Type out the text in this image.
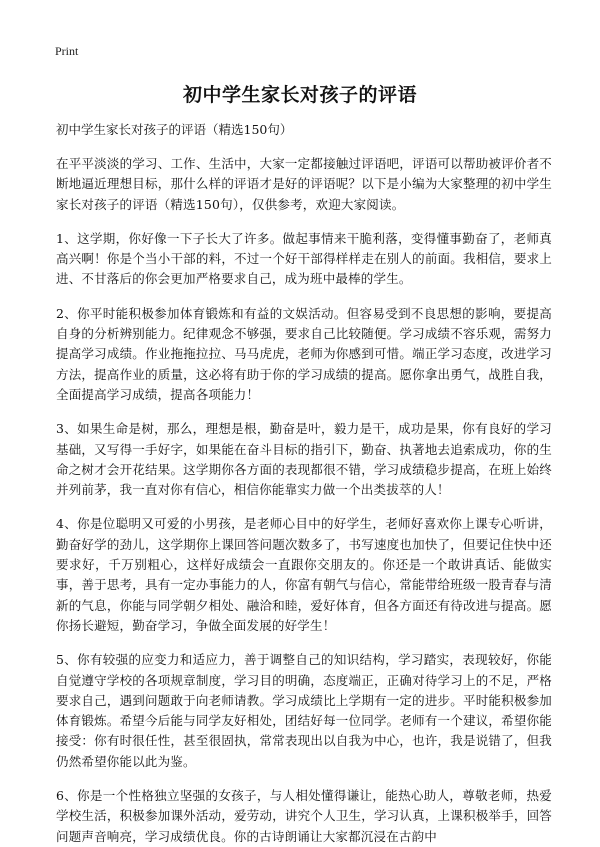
Print
初中学生家长对孩子的评语

初中学生家长对孩子的评语（精选150句）

在平平淡淡的学习、工作、生活中，大家一定都接触过评语吧，评语可以帮助被评价者不断地逼近理想目标，那什么样的评语才是好的评语呢？以下是小编为大家整理的初中学生家长对孩子的评语（精选150句），仅供参考，欢迎大家阅读。

1、这学期，你好像一下子长大了许多。做起事情来干脆利落，变得懂事勤奋了，老师真高兴啊！你是个当小干部的料，不过一个好干部得样样走在别人的前面。我相信，要求上进、不甘落后的你会更加严格要求自己，成为班中最棒的学生。

2、你平时能积极参加体育锻炼和有益的文娱活动。但容易受到不良思想的影响，要提高自身的分析辨别能力。纪律观念不够强，要求自己比较随便。学习成绩不容乐观，需努力提高学习成绩。作业拖拖拉拉、马马虎虎，老师为你感到可惜。端正学习态度，改进学习方法，提高作业的质量，这必将有助于你的学习成绩的提高。愿你拿出勇气，战胜自我，全面提高学习成绩，提高各项能力！

3、如果生命是树，那么，理想是根，勤奋是叶，毅力是干，成功是果，你有良好的学习基础，又写得一手好字，如果能在奋斗目标的指引下，勤奋、执著地去追索成功，你的生命之树才会开花结果。这学期你各方面的表现都很不错，学习成绩稳步提高，在班上始终并列前茅，我一直对你有信心，相信你能靠实力做一个出类拔萃的人！

4、你是位聪明又可爱的小男孩，是老师心目中的好学生，老师好喜欢你上课专心听讲，勤奋好学的劲儿，这学期你上课回答问题次数多了，书写速度也加快了，但要记住快中还要求好，千万别粗心，这样好成绩会一直跟你交朋友的。你还是一个敢讲真话、能做实事，善于思考，具有一定办事能力的人，你富有朝气与信心，常能带给班级一股青春与清新的气息，你能与同学朝夕相处、融洽和睦，爱好体育，但各方面还有待改进与提高。愿你扬长避短，勤奋学习，争做全面发展的好学生！

5、你有较强的应变力和适应力，善于调整自己的知识结构，学习踏实，表现较好，你能自觉遵守学校的各项规章制度，学习目的明确，态度端正，正确对待学习上的不足，严格要求自己，遇到问题敢于向老师请教。学习成绩比上学期有一定的进步。平时能积极参加体育锻炼。希望今后能与同学友好相处，团结好每一位同学。老师有一个建议，希望你能接受：你有时很任性，甚至很固执，常常表现出以自我为中心，也许，我是说错了，但我仍然希望你能以此为鉴。

6、你是一个性格独立坚强的女孩子，与人相处懂得谦让，能热心助人，尊敬老师，热爱学校生活，积极参加课外活动，爱劳动，讲究个人卫生，学习认真，上课积极举手，回答问题声音响亮，学习成绩优良。你的古诗朗诵让大家都沉浸在古韵中
